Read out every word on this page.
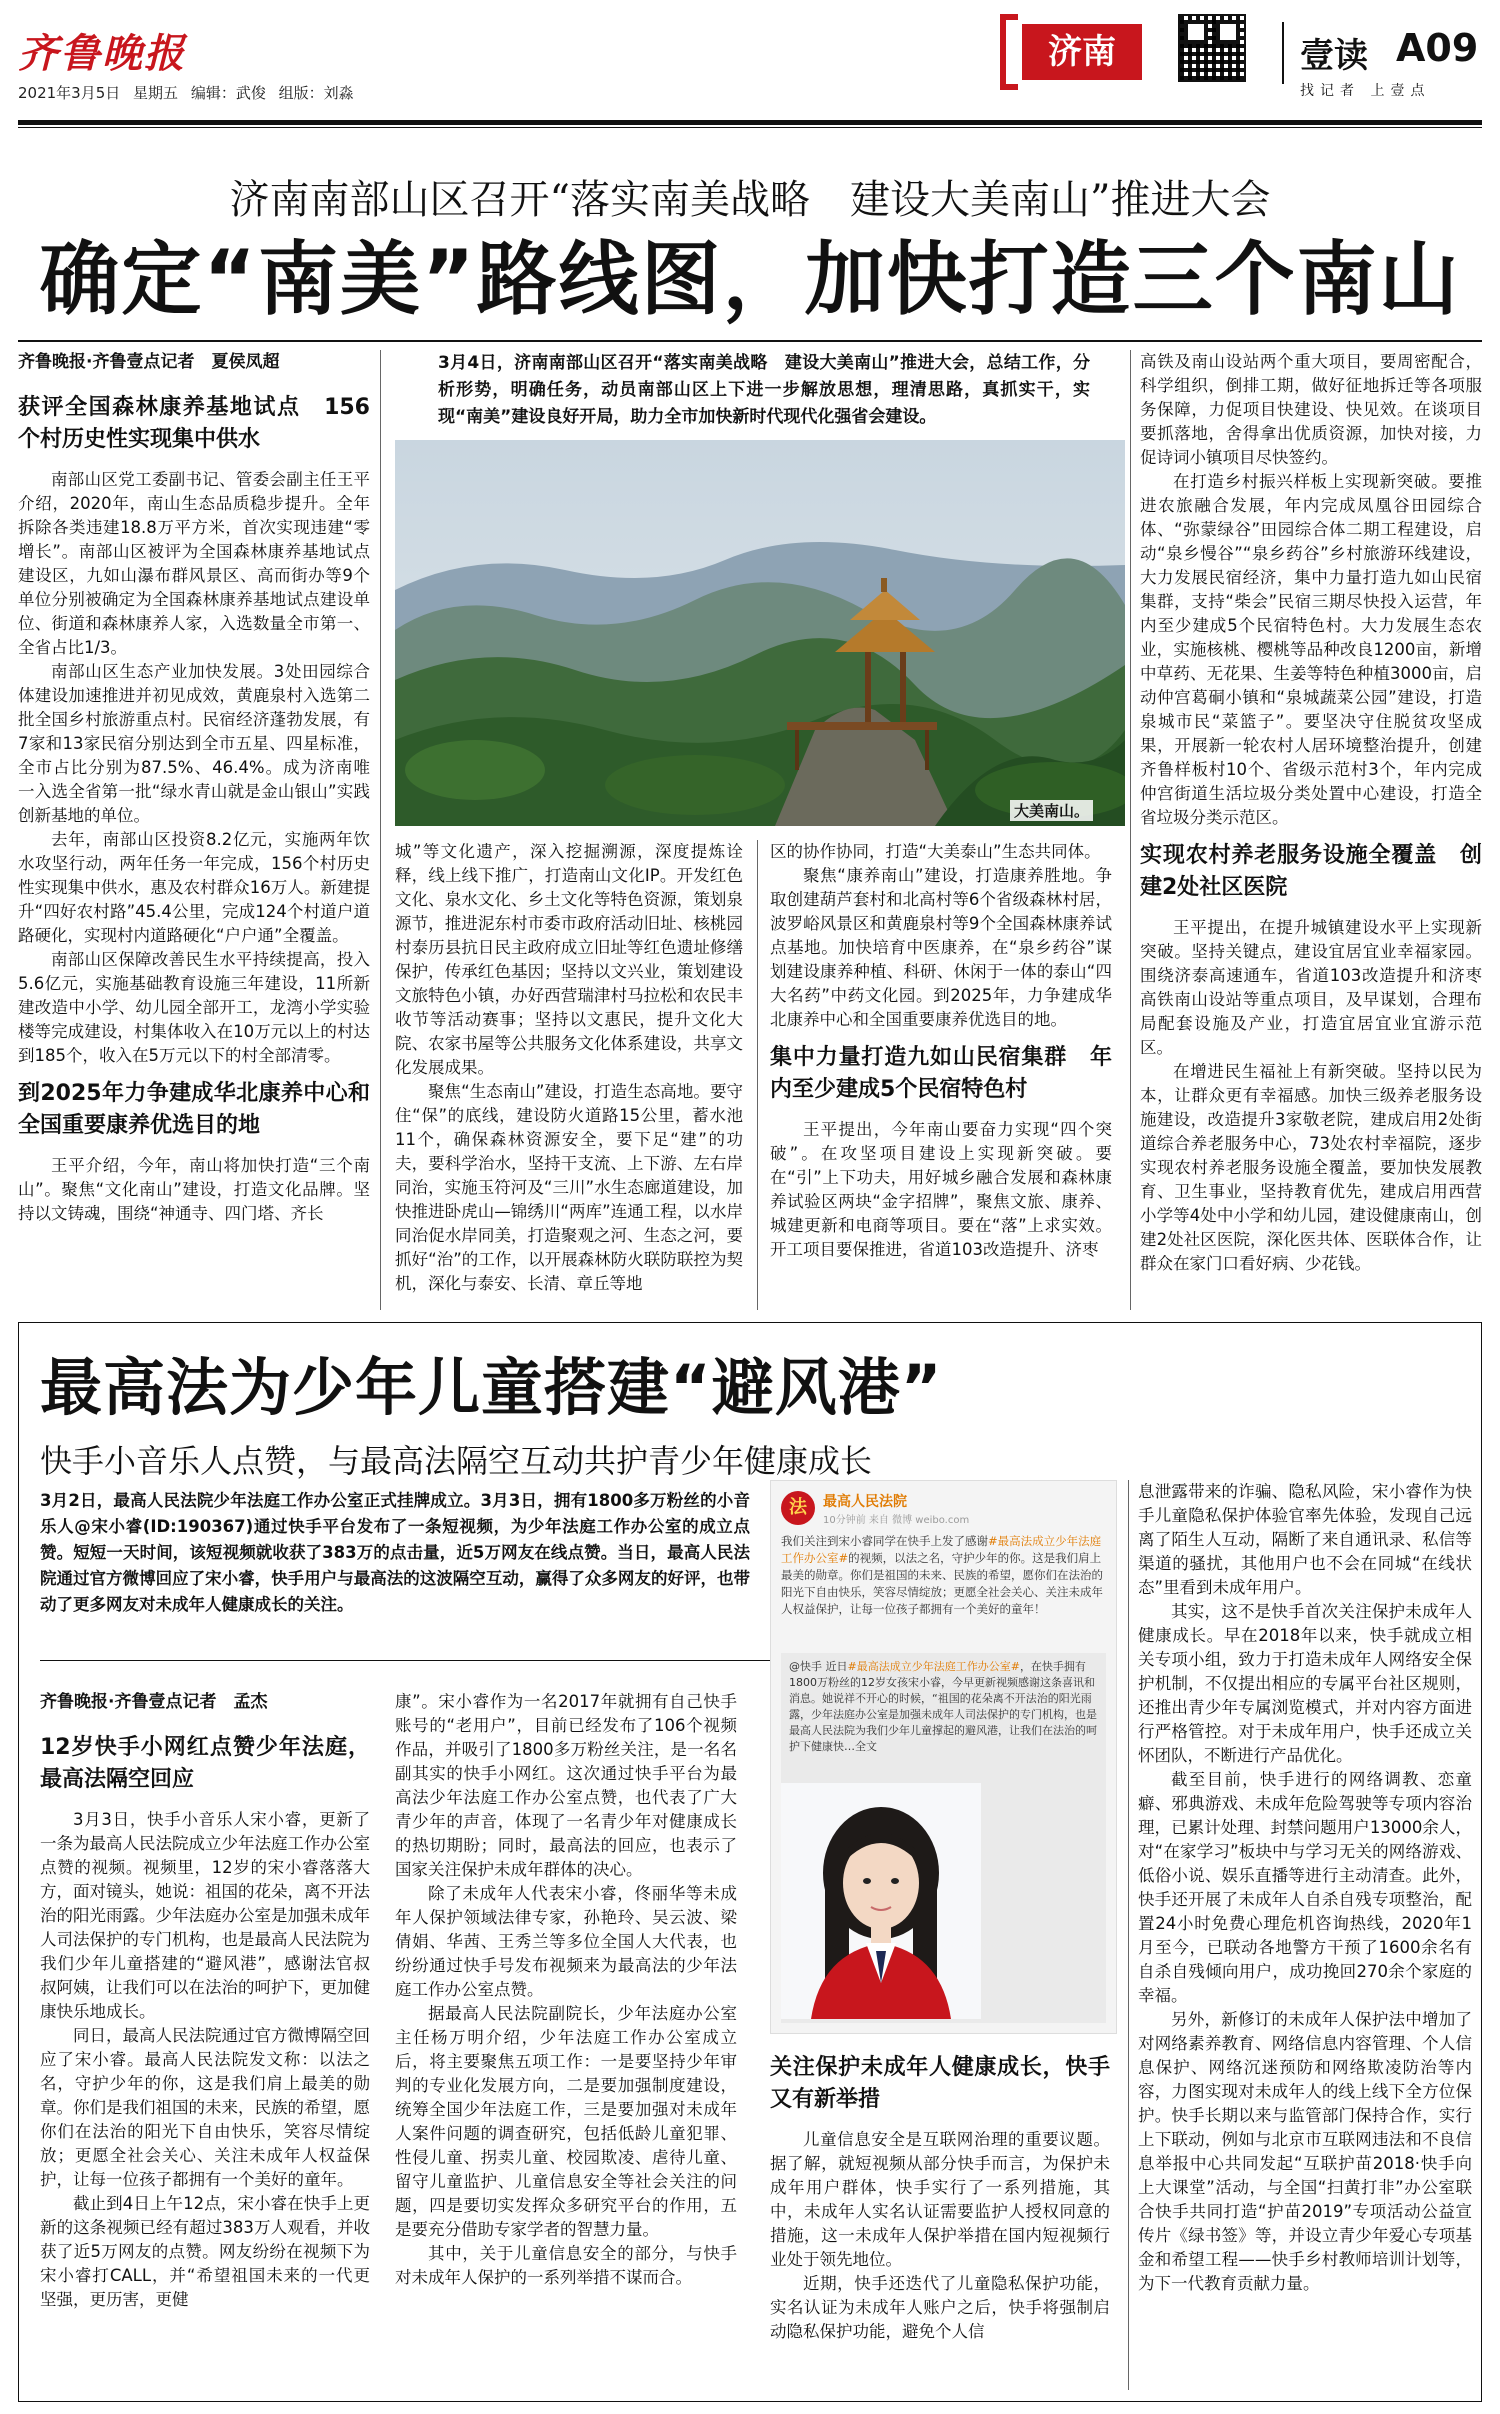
齐鲁晚报
2021年3月5日 星期五 编辑：武俊 组版：刘淼
济南	壹读 A09
找记者 上壹点
济南南部山区召开“落实南美战略　建设大美南山”推进大会
确定“南美”路线图，加快打造三个南山
齐鲁晚报·齐鲁壹点记者　夏侯凤超
获评全国森林康养基地试点　156个村历史性实现集中供水

南部山区党工委副书记、管委会副主任王平介绍，2020年，南山生态品质稳步提升。全年拆除各类违建18.8万平方米，首次实现违建“零增长”。南部山区被评为全国森林康养基地试点建设区，九如山瀑布群风景区、高而街办等9个单位分别被确定为全国森林康养基地试点建设单位、街道和森林康养人家，入选数量全市第一、全省占比1/3。

南部山区生态产业加快发展。3处田园综合体建设加速推进并初见成效，黄鹿泉村入选第二批全国乡村旅游重点村。民宿经济蓬勃发展，有7家和13家民宿分别达到全市五星、四星标准，全市占比分别为87.5%、46.4%。成为济南唯一入选全省第一批“绿水青山就是金山银山”实践创新基地的单位。

去年，南部山区投资8.2亿元，实施两年饮水攻坚行动，两年任务一年完成，156个村历史性实现集中供水，惠及农村群众16万人。新建提升“四好农村路”45.4公里，完成124个村道户道路硬化，实现村内道路硬化“户户通”全覆盖。

南部山区保障改善民生水平持续提高，投入5.6亿元，实施基础教育设施三年建设，11所新建改造中小学、幼儿园全部开工，龙湾小学实验楼等完成建设，村集体收入在10万元以上的村达到185个，收入在5万元以下的村全部清零。

到2025年力争建成华北康养中心和全国重要康养优选目的地

王平介绍，今年，南山将加快打造“三个南山”。聚焦“文化南山”建设，打造文化品牌。坚持以文铸魂，围绕“神通寺、四门塔、齐长

3月4日，济南南部山区召开“落实南美战略　建设大美南山”推进大会，总结工作，分析形势，明确任务，动员南部山区上下进一步解放思想，理清思路，真抓实干，实现“南美”建设良好开局，助力全市加快新时代现代化强省会建设。
大美南山。

城”等文化遗产，深入挖掘溯源，深度提炼诠释，线上线下推广，打造南山文化IP。开发红色文化、泉水文化、乡土文化等特色资源，策划泉源节，推进泥东村市委市政府活动旧址、核桃园村泰历县抗日民主政府成立旧址等红色遗址修缮保护，传承红色基因；坚持以文兴业，策划建设文旅特色小镇，办好西营瑞津村马拉松和农民丰收节等活动赛事；坚持以文惠民，提升文化大院、农家书屋等公共服务文化体系建设，共享文化发展成果。

聚焦“生态南山”建设，打造生态高地。要守住“保”的底线，建设防火道路15公里，蓄水池11个，确保森林资源安全，要下足“建”的功夫，要科学治水，坚持干支流、上下游、左右岸同治，实施玉符河及“三川”水生态廊道建设，加快推进卧虎山—锦绣川“两库”连通工程，以水岸同治促水岸同美，打造聚观之河、生态之河，要抓好“治”的工作，以开展森林防火联防联控为契机，深化与泰安、长清、章丘等地

区的协作协同，打造“大美泰山”生态共同体。

聚焦“康养南山”建设，打造康养胜地。争取创建葫芦套村和北高村等6个省级森林村居，波罗峪风景区和黄鹿泉村等9个全国森林康养试点基地。加快培育中医康养，在“泉乡药谷”谋划建设康养种植、科研、休闲于一体的泰山“四大名药”中药文化园。到2025年，力争建成华北康养中心和全国重要康养优选目的地。

集中力量打造九如山民宿集群　年内至少建成5个民宿特色村

王平提出，今年南山要奋力实现“四个突破”。在攻坚项目建设上实现新突破。要在“引”上下功夫，用好城乡融合发展和森林康养试验区两块“金字招牌”，聚焦文旅、康养、城建更新和电商等项目。要在“落”上求实效。开工项目要保推进，省道103改造提升、济枣

高铁及南山设站两个重大项目，要周密配合，科学组织，倒排工期，做好征地拆迁等各项服务保障，力促项目快建设、快见效。在谈项目要抓落地，舍得拿出优质资源，加快对接，力促诗词小镇项目尽快签约。

在打造乡村振兴样板上实现新突破。要推进农旅融合发展，年内完成凤凰谷田园综合体、“弥蒙绿谷”田园综合体二期工程建设，启动“泉乡慢谷”“泉乡药谷”乡村旅游环线建设，大力发展民宿经济，集中力量打造九如山民宿集群，支持“柴会”民宿三期尽快投入运营，年内至少建成5个民宿特色村。大力发展生态农业，实施核桃、樱桃等品种改良1200亩，新增中草药、无花果、生姜等特色种植3000亩，启动仲宫葛硐小镇和“泉城蔬菜公园”建设，打造泉城市民“菜篮子”。要坚决守住脱贫攻坚成果，开展新一轮农村人居环境整治提升，创建齐鲁样板村10个、省级示范村3个，年内完成仲宫街道生活垃圾分类处置中心建设，打造全省垃圾分类示范区。

实现农村养老服务设施全覆盖　创建2处社区医院

王平提出，在提升城镇建设水平上实现新突破。坚持关键点，建设宜居宜业幸福家园。围绕济泰高速通车，省道103改造提升和济枣高铁南山设站等重点项目，及早谋划，合理布局配套设施及产业，打造宜居宜业宜游示范区。

在增进民生福祉上有新突破。坚持以民为本，让群众更有幸福感。加快三级养老服务设施建设，改造提升3家敬老院，建成启用2处街道综合养老服务中心，73处农村幸福院，逐步实现农村养老服务设施全覆盖，要加快发展教育、卫生事业，坚持教育优先，建成启用西营小学等4处中小学和幼儿园，建设健康南山，创建2处社区医院，深化医共体、医联体合作，让群众在家门口看好病、少花钱。

最高法为少年儿童搭建“避风港”
快手小音乐人点赞，与最高法隔空互动共护青少年健康成长
3月2日，最高人民法院少年法庭工作办公室正式挂牌成立。3月3日，拥有1800多万粉丝的小音乐人@宋小睿(ID:190367)通过快手平台发布了一条短视频，为少年法庭工作办公室的成立点赞。短短一天时间，该短视频就收获了383万的点击量，近5万网友在线点赞。当日，最高人民法院通过官方微博回应了宋小睿，快手用户与最高法的这波隔空互动，赢得了众多网友的好评，也带动了更多网友对未成年人健康成长的关注。
法	最高人民法院
10分钟前 来自 微博 weibo.com
我们关注到宋小睿同学在快手上发了感谢#最高法成立少年法庭工作办公室#的视频，以法之名，守护少年的你。这是我们肩上最美的勋章。你们是祖国的未来、民族的希望，愿你们在法治的阳光下自由快乐，笑容尽情绽放；更愿全社会关心、关注未成年人权益保护，让每一位孩子都拥有一个美好的童年！
@快手 近日#最高法成立少年法庭工作办公室#，在快手拥有1800万粉丝的12岁女孩宋小睿，今早更新视频感谢这条喜讯和消息。她说祥不开心的时候，“祖国的花朵离不开法治的阳光雨露，少年法庭办公室是加强未成年人司法保护的专门机构，也是最高人民法院为我们少年儿童撑起的避风港，让我们在法治的呵护下健康快…全文
齐鲁晚报·齐鲁壹点记者　孟杰
12岁快手小网红点赞少年法庭，最高法隔空回应

3月3日，快手小音乐人宋小睿，更新了一条为最高人民法院成立少年法庭工作办公室点赞的视频。视频里，12岁的宋小睿落落大方，面对镜头，她说：祖国的花朵，离不开法治的阳光雨露。少年法庭办公室是加强未成年人司法保护的专门机构，也是最高人民法院为我们少年儿童搭建的“避风港”，感谢法官叔叔阿姨，让我们可以在法治的呵护下，更加健康快乐地成长。

同日，最高人民法院通过官方微博隔空回应了宋小睿。最高人民法院发文称：以法之名，守护少年的你，这是我们肩上最美的勋章。你们是我们祖国的未来，民族的希望，愿你们在法治的阳光下自由快乐，笑容尽情绽放；更愿全社会关心、关注未成年人权益保护，让每一位孩子都拥有一个美好的童年。

截止到4日上午12点，宋小睿在快手上更新的这条视频已经有超过383万人观看，并收获了近5万网友的点赞。网友纷纷在视频下为宋小睿打CALL，并“希望祖国未来的一代更坚强，更历害，更健

康”。宋小睿作为一名2017年就拥有自己快手账号的“老用户”，目前已经发布了106个视频作品，并吸引了1800多万粉丝关注，是一名名副其实的快手小网红。这次通过快手平台为最高法少年法庭工作办公室点赞，也代表了广大青少年的声音，体现了一名青少年对健康成长的热切期盼；同时，最高法的回应，也表示了国家关注保护未成年群体的决心。

除了未成年人代表宋小睿，佟丽华等未成年人保护领域法律专家，孙艳玲、吴云波、梁倩娟、华茜、王秀兰等多位全国人大代表，也纷纷通过快手号发布视频来为最高法的少年法庭工作办公室点赞。

据最高人民法院副院长，少年法庭办公室主任杨万明介绍，少年法庭工作办公室成立后，将主要聚焦五项工作：一是要坚持少年审判的专业化发展方向，二是要加强制度建设，统筹全国少年法庭工作，三是要加强对未成年人案件问题的调查研究，包括低龄儿童犯罪、性侵儿童、拐卖儿童、校园欺凌、虐待儿童、留守儿童监护、儿童信息安全等社会关注的问题，四是要切实发挥众多研究平台的作用，五是要充分借助专家学者的智慧力量。

其中，关于儿童信息安全的部分，与快手对未成年人保护的一系列举措不谋而合。

关注保护未成年人健康成长，快手又有新举措

儿童信息安全是互联网治理的重要议题。据了解，就短视频从部分快手而言，为保护未成年用户群体，快手实行了一系列措施，其中，未成年人实名认证需要监护人授权同意的措施，这一未成年人保护举措在国内短视频行业处于领先地位。

近期，快手还迭代了儿童隐私保护功能，实名认证为未成年人账户之后，快手将强制启动隐私保护功能，避免个人信

息泄露带来的诈骗、隐私风险，宋小睿作为快手儿童隐私保护体验官率先体验，发现自己远离了陌生人互动，隔断了来自通讯录、私信等渠道的骚扰，其他用户也不会在同城“在线状态”里看到未成年用户。

其实，这不是快手首次关注保护未成年人健康成长。早在2018年以来，快手就成立相关专项小组，致力于打造未成年人网络安全保护机制，不仅提出相应的专属平台社区规则，还推出青少年专属浏览模式，并对内容方面进行严格管控。对于未成年用户，快手还成立关怀团队，不断进行产品优化。

截至目前，快手进行的网络调教、恋童癖、邪典游戏、未成年危险驾驶等专项内容治理，已累计处理、封禁问题用户13000余人，对“在家学习”板块中与学习无关的网络游戏、低俗小说、娱乐直播等进行主动清查。此外，快手还开展了未成年人自杀自残专项整治，配置24小时免费心理危机咨询热线，2020年1月至今，已联动各地警方干预了1600余名有自杀自残倾向用户，成功挽回270余个家庭的幸福。

另外，新修订的未成年人保护法中增加了对网络素养教育、网络信息内容管理、个人信息保护、网络沉迷预防和网络欺凌防治等内容，力图实现对未成年人的线上线下全方位保护。快手长期以来与监管部门保持合作，实行上下联动，例如与北京市互联网违法和不良信息举报中心共同发起“互联护苗2018·快手向上大课堂”活动，与全国“扫黄打非”办公室联合快手共同打造“护苗2019”专项活动公益宣传片《绿书签》等，并设立青少年爱心专项基金和希望工程——快手乡村教师培训计划等，为下一代教育贡献力量。
